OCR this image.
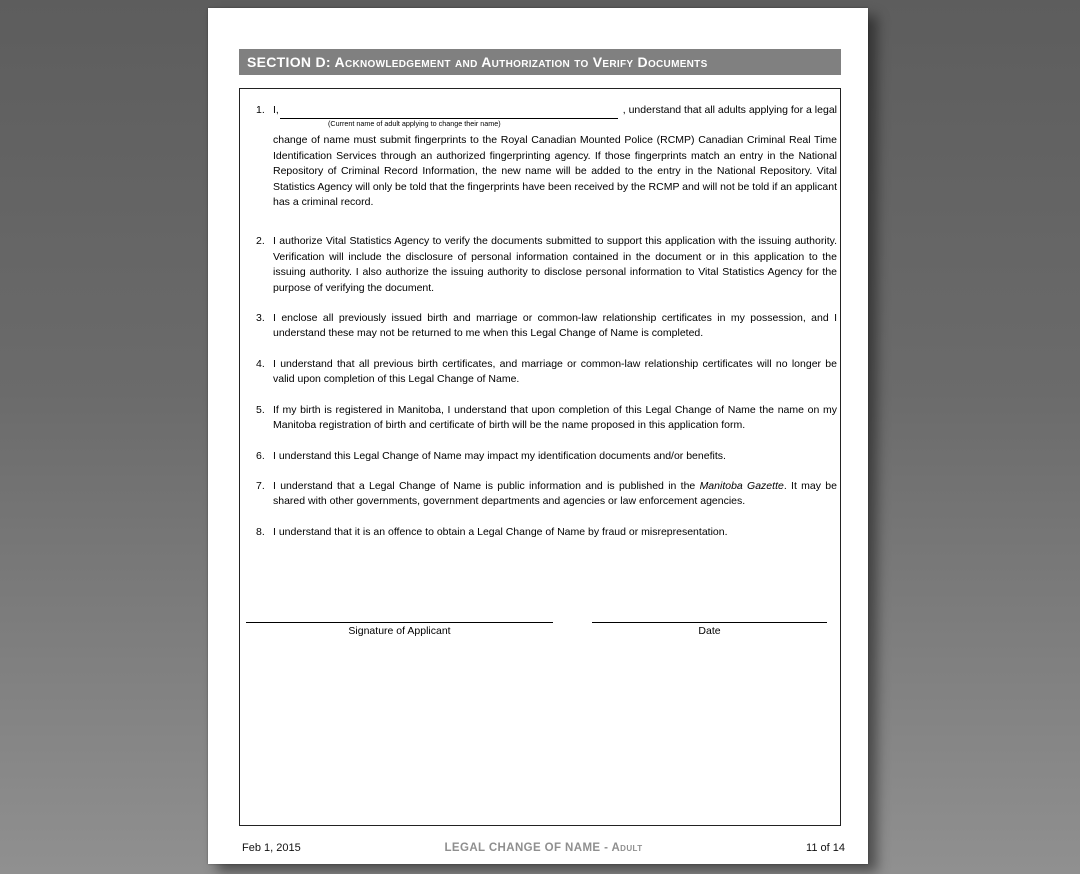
SECTION D: Acknowledgement and Authorization to Verify Documents
1. I,	, understand that all adults applying for a legal
(Current name of adult applying to change their name)
change of name must submit fingerprints to the Royal Canadian Mounted Police (RCMP) Canadian Criminal Real Time Identification Services through an authorized fingerprinting agency. If those fingerprints match an entry in the National Repository of Criminal Record Information, the new name will be added to the entry in the National Repository. Vital Statistics Agency will only be told that the fingerprints have been received by the RCMP and will not be told if an applicant has a criminal record.
2. I authorize Vital Statistics Agency to verify the documents submitted to support this application with the issuing authority. Verification will include the disclosure of personal information contained in the document or in this application to the issuing authority. I also authorize the issuing authority to disclose personal information to Vital Statistics Agency for the purpose of verifying the document.
3. I enclose all previously issued birth and marriage or common-law relationship certificates in my possession, and I understand these may not be returned to me when this Legal Change of Name is completed.
4. I understand that all previous birth certificates, and marriage or common-law relationship certificates will no longer be valid upon completion of this Legal Change of Name.
5. If my birth is registered in Manitoba, I understand that upon completion of this Legal Change of Name the name on my Manitoba registration of birth and certificate of birth will be the name proposed in this application form.
6. I understand this Legal Change of Name may impact my identification documents and/or benefits.
7. I understand that a Legal Change of Name is public information and is published in the Manitoba Gazette. It may be shared with other governments, government departments and agencies or law enforcement agencies.
8. I understand that it is an offence to obtain a Legal Change of Name by fraud or misrepresentation.
Signature of Applicant	Date
Feb 1, 2015	LEGAL CHANGE OF NAME - Adult	11 of 14
